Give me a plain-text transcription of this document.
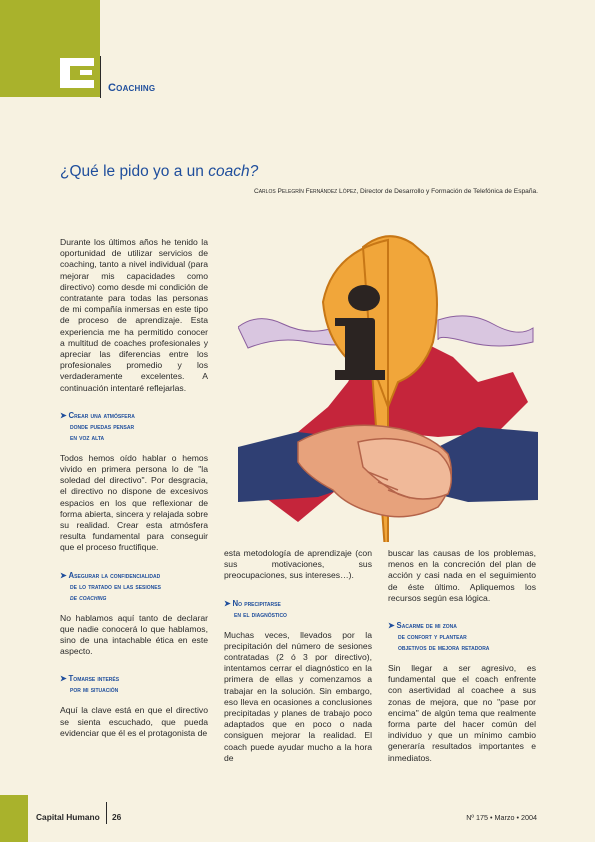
Coaching
¿Qué le pido yo a un coach?
Carlos Pelegrín Fernández López, Director de Desarrollo y Formación de Telefónica de España.

Durante los últimos años he tenido la oportunidad de utilizar servicios de coaching, tanto a nivel individual (para mejorar mis capacidades como directivo) como desde mi condición de contratante para todas las personas de mi compañía inmersas en este tipo de proceso de aprendizaje. Esta experiencia me ha permitido conocer a multitud de coaches profesionales y apreciar las diferencias entre los profesionales promedio y los verdaderamente excelentes. A continuación intentaré reflejarlas.

➤ Crear una atmósfera
donde puedas pensar
en voz alta

Todos hemos oído hablar o hemos vivido en primera persona lo de "la soledad del directivo". Por desgracia, el directivo no dispone de excesivos espacios en los que reflexionar de forma abierta, sincera y relajada sobre su realidad. Crear esta atmósfera resulta fundamental para conseguir que el proceso fructifique.

➤ Asegurar la confidencialidad
de lo tratado en las sesiones
de coaching

No hablamos aquí tanto de declarar que nadie conocerá lo que hablamos, sino de una intachable ética en este aspecto.

➤ Tomarse interés
por mi situación

Aquí la clave está en que el directivo se sienta escuchado, que pueda evidenciar que él es el protagonista de

esta metodología de aprendizaje (con sus motivaciones, sus preocupaciones, sus intereses…).

➤ No precipitarse
en el diagnóstico

Muchas veces, llevados por la precipitación del número de sesiones contratadas (2 ó 3 por directivo), intentamos cerrar el diagnóstico en la primera de ellas y comenzamos a trabajar en la solución. Sin embargo, eso lleva en ocasiones a conclusiones precipitadas y planes de trabajo poco adaptados que en poco o nada consiguen mejorar la realidad. El coach puede ayudar mucho a la hora de

buscar las causas de los problemas, menos en la concreción del plan de acción y casi nada en el seguimiento de éste último. Apliquemos los recursos según esa lógica.

➤ Sacarme de mi zona
de confort y plantear
objetivos de mejora retadora

Sin llegar a ser agresivo, es fundamental que el coach enfrente con asertividad al coachee a sus zonas de mejora, que no "pase por encima" de algún tema que realmente forma parte del hacer común del individuo y que un mínimo cambio generaría resultados importantes e inmediatos.

Capital Humano 26	Nº 175 • Marzo • 2004
